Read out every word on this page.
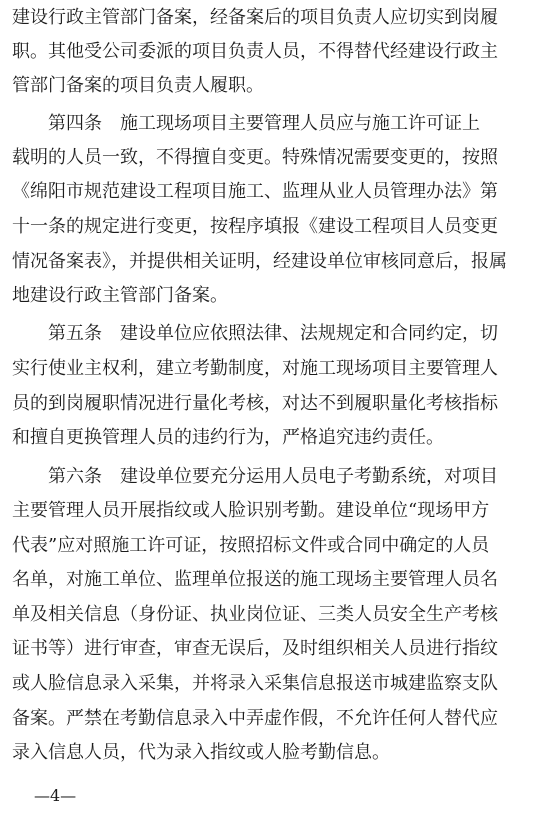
建设行政主管部门备案，经备案后的项目负责人应切实到岗履
职。其他受公司委派的项目负责人员，不得替代经建设行政主
管部门备案的项目负责人履职。
第四条　施工现场项目主要管理人员应与施工许可证上
载明的人员一致，不得擅自变更。特殊情况需要变更的，按照
《绵阳市规范建设工程项目施工、监理从业人员管理办法》第
十一条的规定进行变更，按程序填报《建设工程项目人员变更
情况备案表》，并提供相关证明，经建设单位审核同意后，报属
地建设行政主管部门备案。
第五条　建设单位应依照法律、法规规定和合同约定，切
实行使业主权利，建立考勤制度，对施工现场项目主要管理人
员的到岗履职情况进行量化考核，对达不到履职量化考核指标
和擅自更换管理人员的违约行为，严格追究违约责任。
第六条　建设单位要充分运用人员电子考勤系统，对项目
主要管理人员开展指纹或人脸识别考勤。建设单位“现场甲方
代表”应对照施工许可证，按照招标文件或合同中确定的人员
名单，对施工单位、监理单位报送的施工现场主要管理人员名
单及相关信息（身份证、执业岗位证、三类人员安全生产考核
证书等）进行审查，审查无误后，及时组织相关人员进行指纹
或人脸信息录入采集，并将录入采集信息报送市城建监察支队
备案。严禁在考勤信息录入中弄虚作假，不允许任何人替代应
录入信息人员，代为录入指纹或人脸考勤信息。
—4—
